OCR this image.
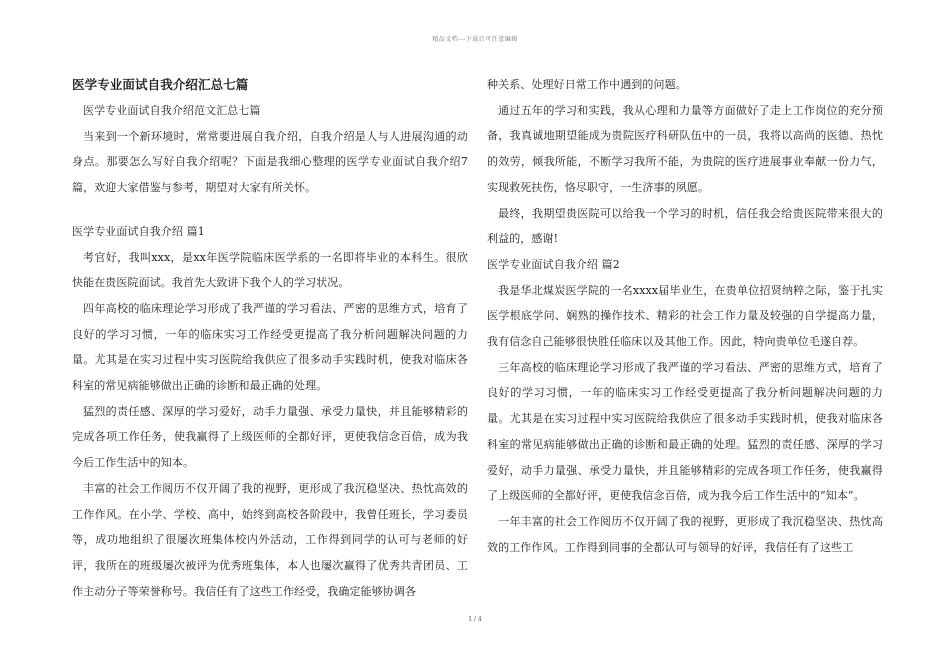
精品文档---下载后可任意编辑

医学专业面试自我介绍汇总七篇

医学专业面试自我介绍范文汇总七篇

当来到一个新环境时，常常要进展自我介绍，自我介绍是人与人进展沟通的动身点。那要怎么写好自我介绍呢？下面是我细心整理的医学专业面试自我介绍7篇，欢迎大家借鉴与参考，期望对大家有所关怀。

医学专业面试自我介绍 篇1

考官好，我叫xxx，是xx年医学院临床医学系的一名即将毕业的本科生。很欣快能在贵医院面试。我首先大致讲下我个人的学习状况。

四年高校的临床理论学习形成了我严谨的学习看法、严密的思维方式，培育了良好的学习习惯，一年的临床实习工作经受更提高了我分析问题解决问题的力量。尤其是在实习过程中实习医院给我供应了很多动手实践时机，使我对临床各科室的常见病能够做出正确的诊断和最正确的处理。

猛烈的责任感、深厚的学习爱好，动手力量强、承受力量快，并且能够精彩的完成各项工作任务，使我赢得了上级医师的全都好评，更使我信念百倍，成为我今后工作生活中的知本。

丰富的社会工作阅历不仅开阔了我的视野，更形成了我沉稳坚决、热忱高效的工作作风。在小学、学校、高中，始终到高校各阶段中，我曾任班长，学习委员等，成功地组织了很屡次班集体校内外活动，工作得到同学的认可与老师的好评，我所在的班级屡次被评为优秀班集体，本人也屡次赢得了优秀共青团员、工作主动分子等荣誉称号。我信任有了这些工作经受，我确定能够协调各

种关系、处理好日常工作中遇到的问题。

通过五年的学习和实践，我从心理和力量等方面做好了走上工作岗位的充分预备，我真诚地期望能成为贵院医疗科研队伍中的一员，我将以高尚的医德、热忱的效劳，倾我所能，不断学习我所不能，为贵院的医疗进展事业奉献一份力气，实现救死扶伤，恪尽职守，一生济事的夙愿。

最终，我期望贵医院可以给我一个学习的时机，信任我会给贵医院带来很大的利益的，感谢!

医学专业面试自我介绍 篇2

我是华北煤炭医学院的一名xxxx届毕业生，在贵单位招贤纳粹之际，鉴于扎实医学根底学问、娴熟的操作技术、精彩的社会工作力量及较强的自学提高力量，我有信念自己能够很快胜任临床以及其他工作。因此，特向贵单位毛遂自荐。

三年高校的临床理论学习形成了我严谨的学习看法、严密的思维方式，培育了良好的学习习惯，一年的临床实习工作经受更提高了我分析问题解决问题的力量。尤其是在实习过程中实习医院给我供应了很多动手实践时机，使我对临床各科室的常见病能够做出正确的诊断和最正确的处理。猛烈的责任感、深厚的学习爱好，动手力量强、承受力量快，并且能够精彩的完成各项工作任务，使我赢得了上级医师的全都好评，更使我信念百倍，成为我今后工作生活中的“知本”。

一年丰富的社会工作阅历不仅开阔了我的视野，更形成了我沉稳坚决、热忱高效的工作作风。工作得到同事的全都认可与领导的好评，我信任有了这些工

1 / 4
